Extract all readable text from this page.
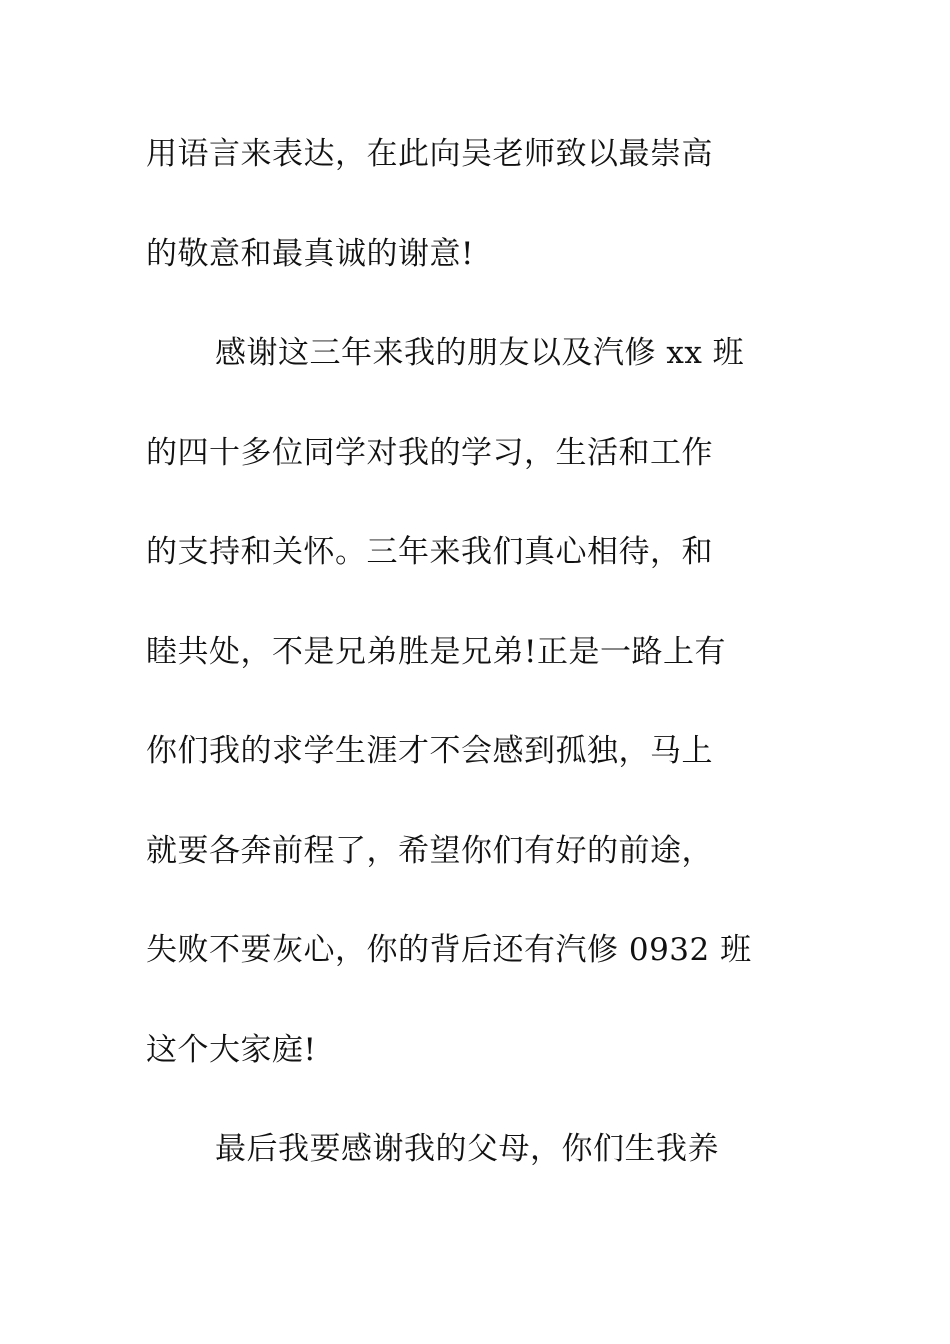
用语言来表达，在此向吴老师致以最崇高
的敬意和最真诚的谢意!
感谢这三年来我的朋友以及汽修 xx 班
的四十多位同学对我的学习，生活和工作
的支持和关怀。三年来我们真心相待，和
睦共处，不是兄弟胜是兄弟!正是一路上有
你们我的求学生涯才不会感到孤独，马上
就要各奔前程了，希望你们有好的前途，
失败不要灰心，你的背后还有汽修 0932 班
这个大家庭!
最后我要感谢我的父母，你们生我养
